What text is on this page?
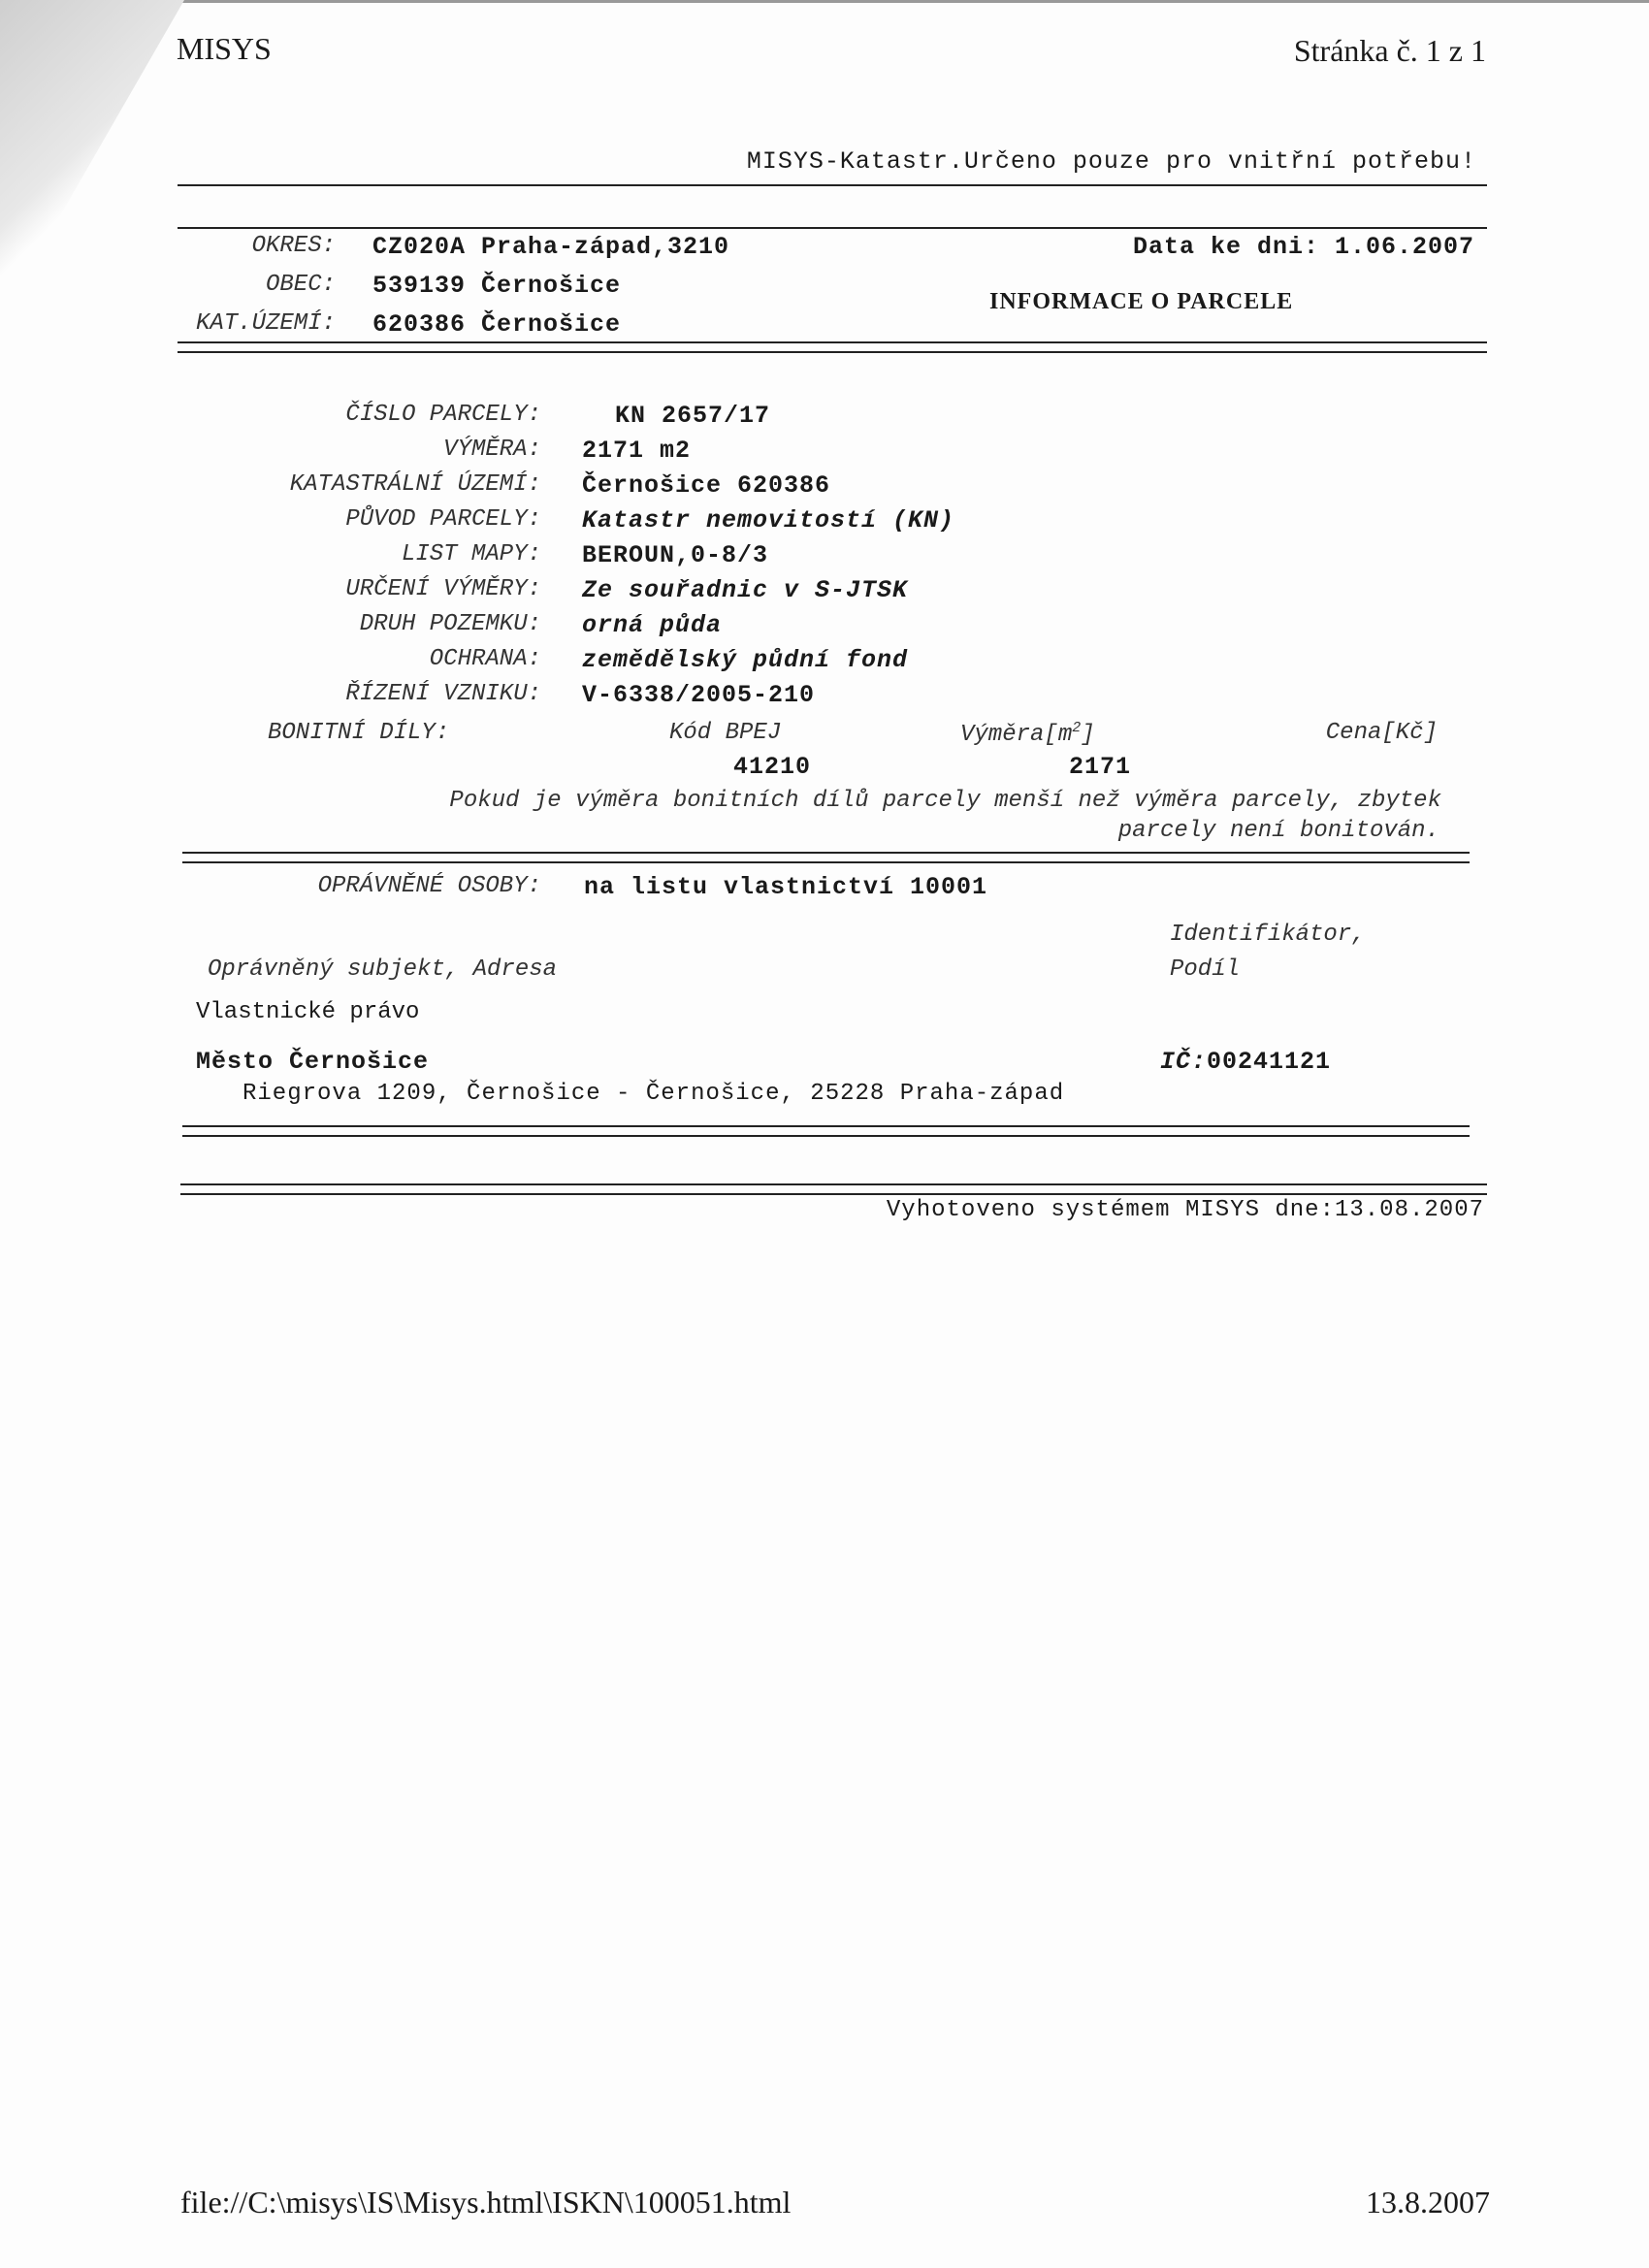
MISYS	Stránka č. 1 z 1
MISYS-Katastr.Určeno pouze pro vnitřní potřebu!
OKRES: CZ020A Praha-západ,3210
OBEC: 539139 Černošice
KAT.ÚZEMÍ: 620386 Černošice
Data ke dni: 1.06.2007
INFORMACE O PARCELE
ČÍSLO PARCELY:	KN 2657/17
VÝMĚRA: 2171 m2
KATASTRÁLNÍ ÚZEMÍ: Černošice 620386
PŮVOD PARCELY: Katastr nemovitostí (KN)
LIST MAPY: BEROUN,0-8/3
URČENÍ VÝMĚRY: Ze souřadnic v S-JTSK
DRUH POZEMKU: orná půda
OCHRANA: zemědělský půdní fond
ŘÍZENÍ VZNIKU: V-6338/2005-210
BONITNÍ DÍLY:	Kód BPEJ	$Výměra[m^2]$	Cena[Kč]
41210	2171
Pokud je výměra bonitních dílů parcely menší než výměra parcely, zbytek
parcely není bonitován.
OPRÁVNĚNÉ OSOBY: na listu vlastnictví 10001
Identifikátor,
Podíl
Oprávněný subjekt, Adresa
Vlastnické právo
Město Černošice	IČ:00241121
Riegrova 1209, Černošice - Černošice, 25228 Praha-západ
Vyhotoveno systémem MISYS dne:13.08.2007
file://C:\misys\IS\Misys.html\ISKN\100051.html	13.8.2007
